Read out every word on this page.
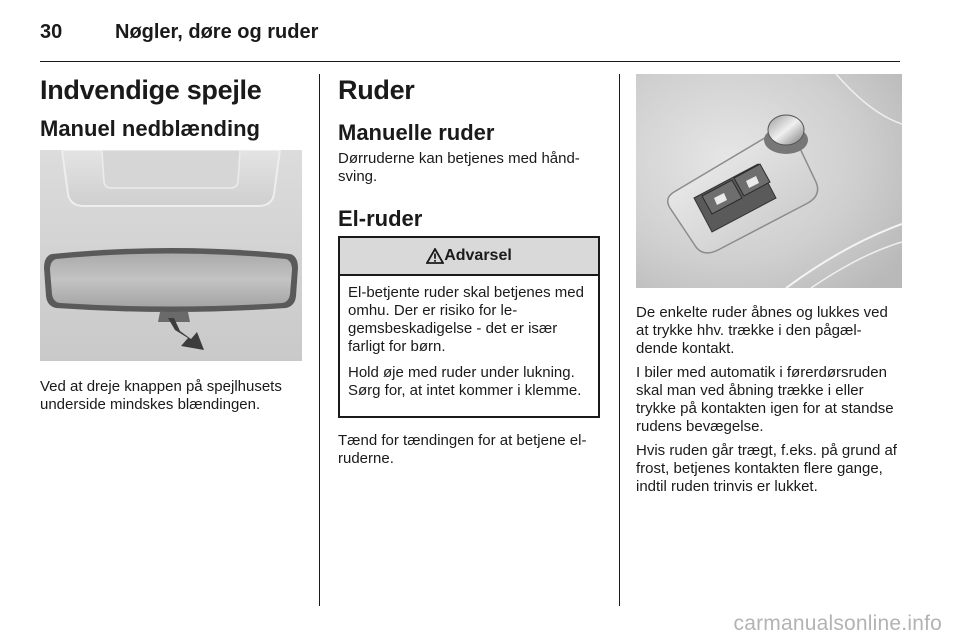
30	Nøgler, døre og ruder
Indvendige spejle
Manuel nedblænding

Ved at dreje knappen på spejlhusets underside mindskes blændingen.

Ruder
Manuelle ruder

Dørruderne kan betjenes med hånd-sving.

El-ruder
Advarsel

El-betjente ruder skal betjenes med omhu. Der er risiko for le-gemsbeskadigelse - det er især farligt for børn.

Hold øje med ruder under lukning. Sørg for, at intet kommer i klemme.

Tænd for tændingen for at betjene el-ruderne.

De enkelte ruder åbnes og lukkes ved at trykke hhv. trække i den pågæl-dende kontakt.

I biler med automatik i førerdørsruden skal man ved åbning trække i eller trykke på kontakten igen for at standse rudens bevægelse.

Hvis ruden går trægt, f.eks. på grund af frost, betjenes kontakten flere gange, indtil ruden trinvis er lukket.

carmanualsonline.info
